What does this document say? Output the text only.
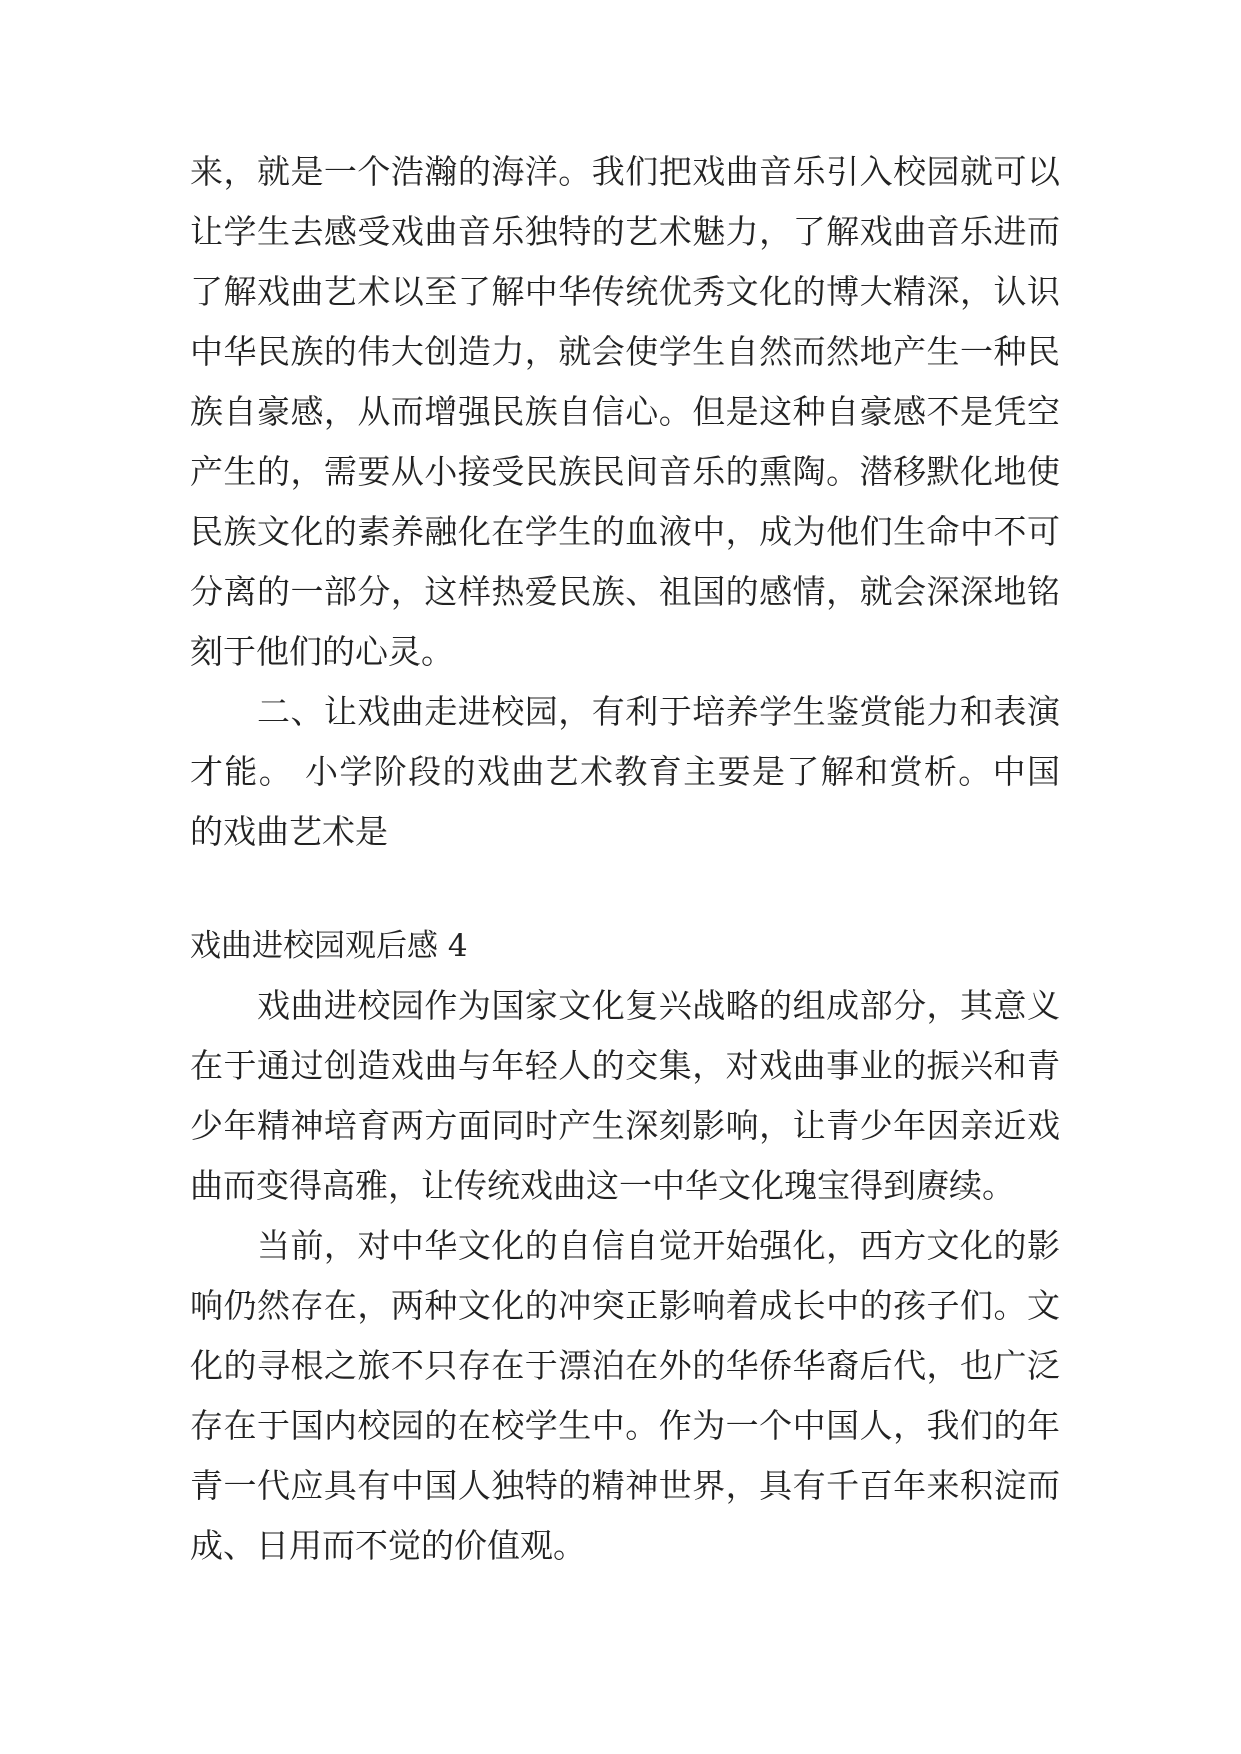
来，就是一个浩瀚的海洋。我们把戏曲音乐引入校园就可以
让学生去感受戏曲音乐独特的艺术魅力，了解戏曲音乐进而
了解戏曲艺术以至了解中华传统优秀文化的博大精深，认识
中华民族的伟大创造力，就会使学生自然而然地产生一种民
族自豪感，从而增强民族自信心。但是这种自豪感不是凭空
产生的，需要从小接受民族民间音乐的熏陶。潜移默化地使
民族文化的素养融化在学生的血液中，成为他们生命中不可
分离的一部分，这样热爱民族、祖国的感情，就会深深地铭
刻于他们的心灵。
　　二、让戏曲走进校园，有利于培养学生鉴赏能力和表演
才能。 小学阶段的戏曲艺术教育主要是了解和赏析。中国
的戏曲艺术是
戏曲进校园观后感 4
　　戏曲进校园作为国家文化复兴战略的组成部分，其意义
在于通过创造戏曲与年轻人的交集，对戏曲事业的振兴和青
少年精神培育两方面同时产生深刻影响，让青少年因亲近戏
曲而变得高雅，让传统戏曲这一中华文化瑰宝得到赓续。
　　当前，对中华文化的自信自觉开始强化，西方文化的影
响仍然存在，两种文化的冲突正影响着成长中的孩子们。文
化的寻根之旅不只存在于漂泊在外的华侨华裔后代，也广泛
存在于国内校园的在校学生中。作为一个中国人，我们的年
青一代应具有中国人独特的精神世界，具有千百年来积淀而
成、日用而不觉的价值观。
